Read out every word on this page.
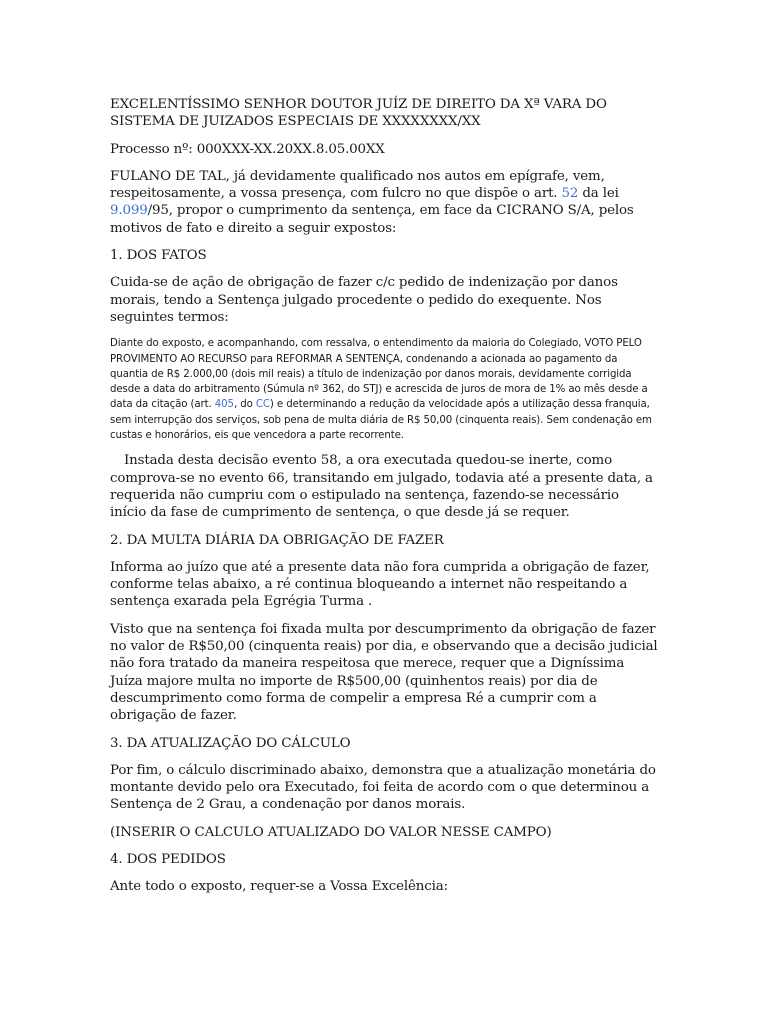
EXCELENTÍSSIMO SENHOR DOUTOR JUÍZ DE DIREITO DA Xª VARA DO SISTEMA DE JUIZADOS ESPECIAIS DE XXXXXXXX/XX

Processo nº: 000XXX-XX.20XX.8.05.00XX

FULANO DE TAL, já devidamente qualificado nos autos em epígrafe, vem, respeitosamente, a vossa presença, com fulcro no que dispõe o art. 52 da lei 9.099/95, propor o cumprimento da sentença, em face da CICRANO S/A, pelos motivos de fato e direito a seguir expostos:

1. DOS FATOS

Cuida-se de ação de obrigação de fazer c/c pedido de indenização por danos morais, tendo a Sentença julgado procedente o pedido do exequente. Nos seguintes termos:

Diante do exposto, e acompanhando, com ressalva, o entendimento da maioria do Colegiado, VOTO PELO PROVIMENTO AO RECURSO para REFORMAR A SENTENÇA, condenando a acionada ao pagamento da quantia de R$ 2.000,00 (dois mil reais) a título de indenização por danos morais, devidamente corrigida desde a data do arbitramento (Súmula nº 362, do STJ) e acrescida de juros de mora de 1% ao mês desde a data da citação (art. 405, do CC) e determinando a redução da velocidade após a utilização dessa franquia, sem interrupção dos serviços, sob pena de multa diária de R$ 50,00 (cinquenta reais). Sem condenação em custas e honorários, eis que vencedora a parte recorrente.

Instada desta decisão evento 58, a ora executada quedou-se inerte, como comprova-se no evento 66, transitando em julgado, todavia até a presente data, a requerida não cumpriu com o estipulado na sentença, fazendo-se necessário início da fase de cumprimento de sentença, o que desde já se requer.

2. DA MULTA DIÁRIA DA OBRIGAÇÃO DE FAZER

Informa ao juízo que até a presente data não fora cumprida a obrigação de fazer, conforme telas abaixo, a ré continua bloqueando a internet não respeitando a sentença exarada pela Egrégia Turma .

Visto que na sentença foi fixada multa por descumprimento da obrigação de fazer no valor de R$50,00 (cinquenta reais) por dia, e observando que a decisão judicial não fora tratado da maneira respeitosa que merece, requer que a Digníssima Juíza majore multa no importe de R$500,00 (quinhentos reais) por dia de descumprimento como forma de compelir a empresa Ré a cumprir com a obrigação de fazer.

3. DA ATUALIZAÇÃO DO CÁLCULO

Por fim, o cálculo discriminado abaixo, demonstra que a atualização monetária do montante devido pelo ora Executado, foi feita de acordo com o que determinou a Sentença de 2 Grau, a condenação por danos morais.

(INSERIR O CALCULO ATUALIZADO DO VALOR NESSE CAMPO)

4. DOS PEDIDOS

Ante todo o exposto, requer-se a Vossa Excelência:
